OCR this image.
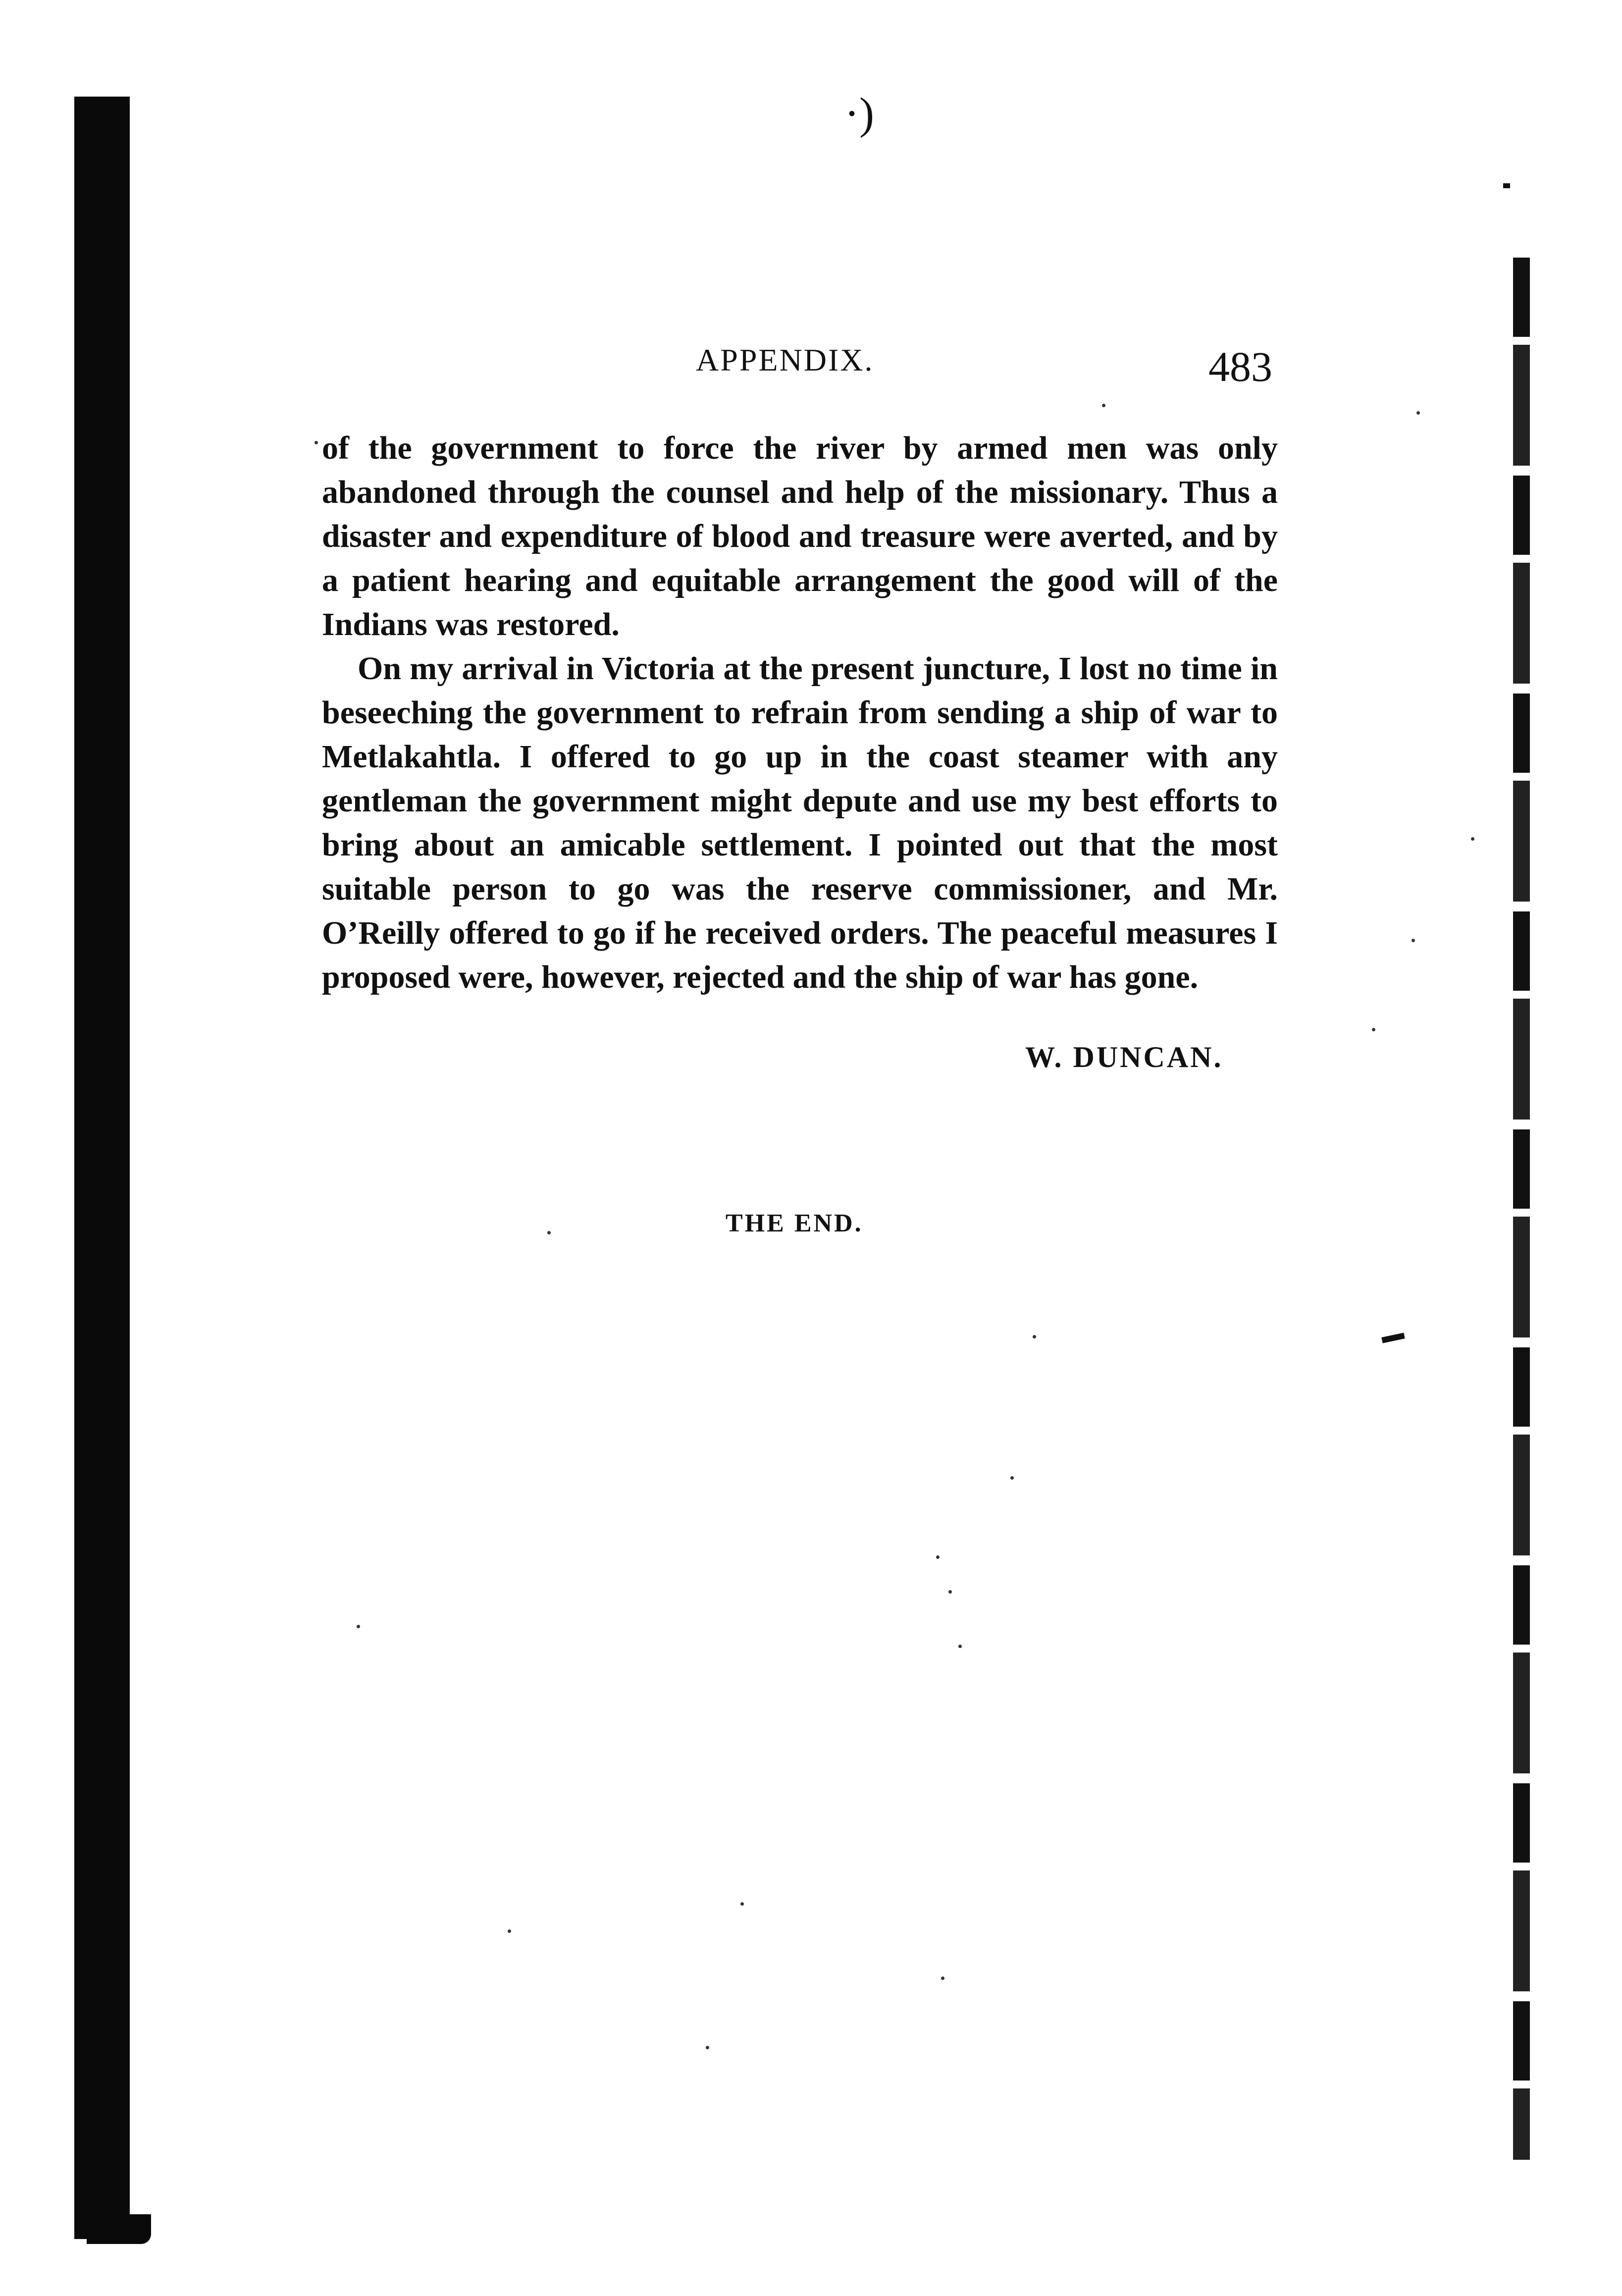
·)
APPENDIX.	483

of the government to force the river by armed men was only abandoned through the counsel and help of the missionary. Thus a disaster and expenditure of blood and treasure were averted, and by a patient hearing and equitable arrangement the good will of the Indians was restored.

On my arrival in Victoria at the present juncture, I lost no time in beseeching the government to refrain from sending a ship of war to Metlakahtla. I offered to go up in the coast steamer with any gentleman the government might depute and use my best efforts to bring about an amicable settlement. I pointed out that the most suitable person to go was the reserve commissioner, and Mr. O’Reilly offered to go if he received orders. The peaceful measures I proposed were, however, rejected and the ship of war has gone.

W. DUNCAN.
THE END.
